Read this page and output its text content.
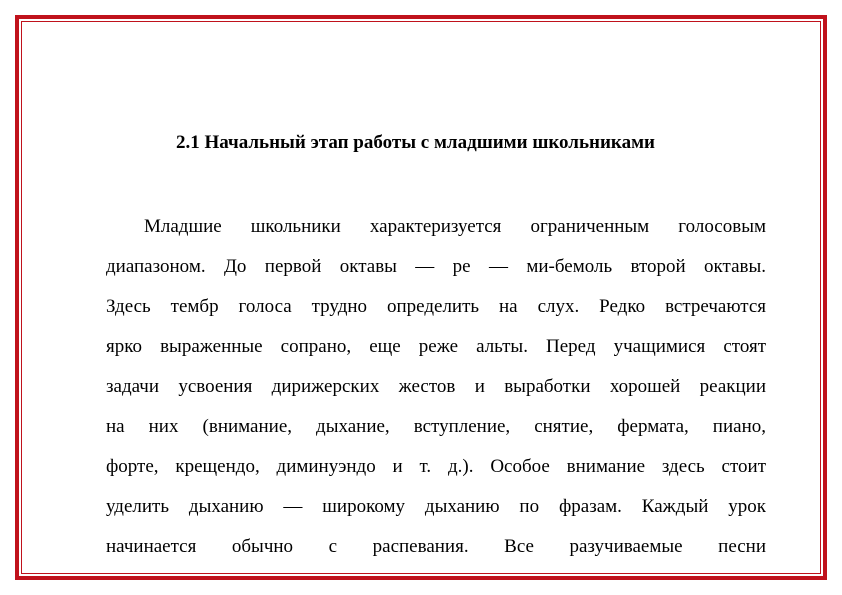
2.1 Начальный этап работы с младшими школьниками
Младшие школьники характеризуется ограниченным голосовым
диапазоном. До первой октавы — ре — ми-бемоль второй октавы.
Здесь тембр голоса трудно определить на слух. Редко встречаются
ярко выраженные сопрано, еще реже альты. Перед учащимися стоят
задачи усвоения дирижерских жестов и выработки хорошей реакции
на них (внимание, дыхание, вступление, снятие, фермата, пиано,
форте, крещендо, диминуэндо и т. д.). Особое внимание здесь стоит
уделить дыханию — широкому дыханию по фразам. Каждый урок
начинается обычно с распевания. Все разучиваемые песни
